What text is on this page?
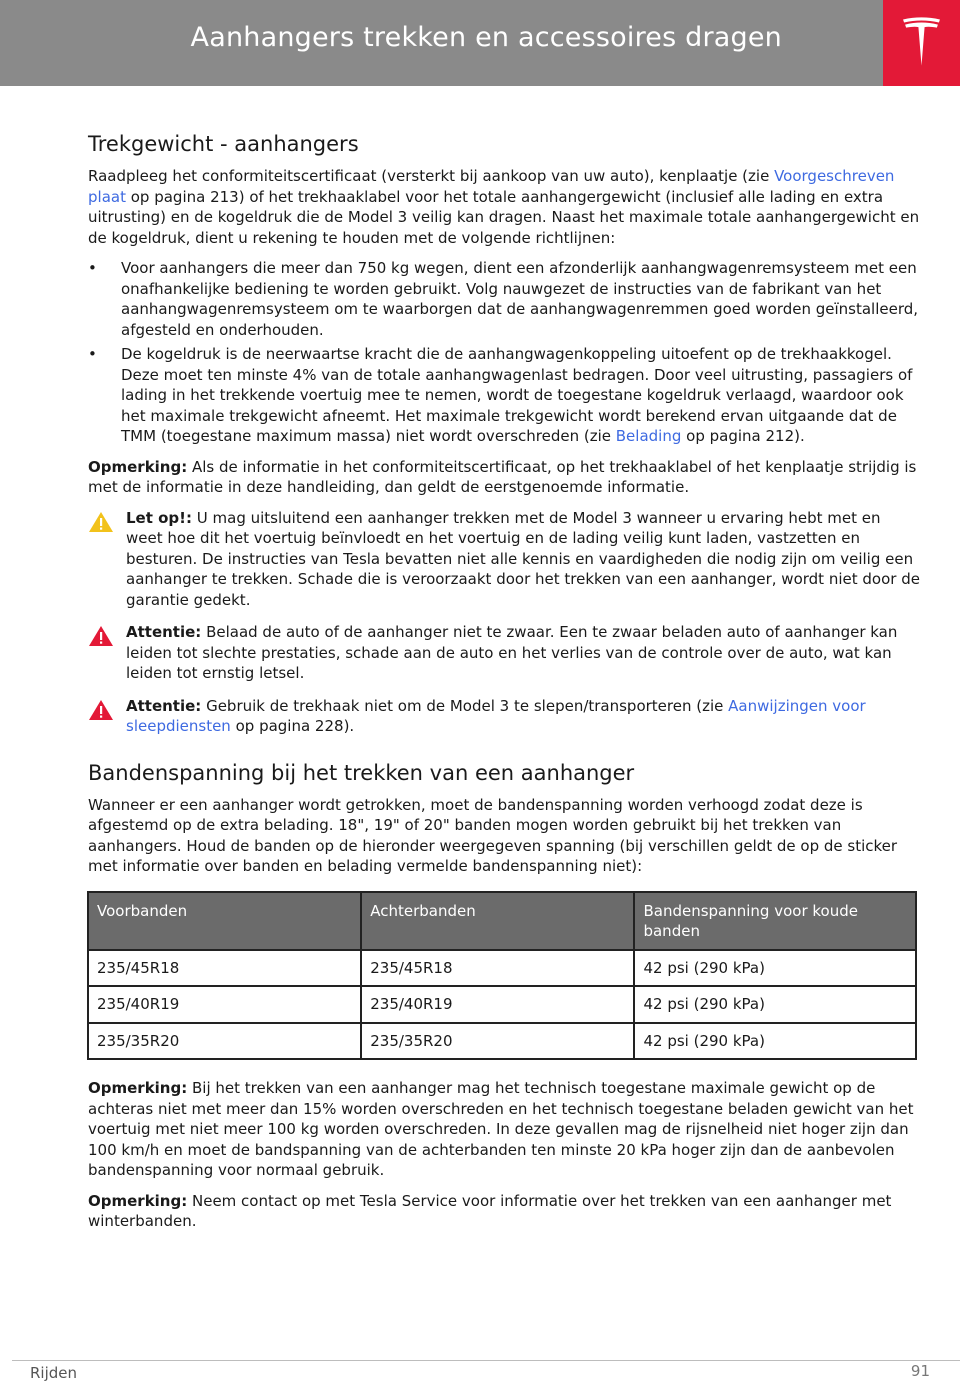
Aanhangers trekken en accessoires dragen
Trekgewicht - aanhangers

Raadpleeg het conformiteitscertificaat (versterkt bij aankoop van uw auto), kenplaatje (zie Voorgeschreven plaat op pagina 213) of het trekhaaklabel voor het totale aanhangergewicht (inclusief alle lading en extra uitrusting) en de kogeldruk die de Model 3 veilig kan dragen. Naast het maximale totale aanhangergewicht en de kogeldruk, dient u rekening te houden met de volgende richtlijnen:

• Voor aanhangers die meer dan 750 kg wegen, dient een afzonderlijk aanhangwagenremsysteem met een onafhankelijke bediening te worden gebruikt. Volg nauwgezet de instructies van de fabrikant van het aanhangwagenremsysteem om te waarborgen dat de aanhangwagenremmen goed worden geïnstalleerd, afgesteld en onderhouden.
• De kogeldruk is de neerwaartse kracht die de aanhangwagenkoppeling uitoefent op de trekhaakkogel. Deze moet ten minste 4% van de totale aanhangwagenlast bedragen. Door veel uitrusting, passagiers of lading in het trekkende voertuig mee te nemen, wordt de toegestane kogeldruk verlaagd, waardoor ook het maximale trekgewicht afneemt. Het maximale trekgewicht wordt berekend ervan uitgaande dat de TMM (toegestane maximum massa) niet wordt overschreden (zie Belading op pagina 212).

Opmerking: Als de informatie in het conformiteitscertificaat, op het trekhaaklabel of het kenplaatje strijdig is met de informatie in deze handleiding, dan geldt de eerstgenoemde informatie.

Let op!: U mag uitsluitend een aanhanger trekken met de Model 3 wanneer u ervaring hebt met en weet hoe dit het voertuig beïnvloedt en het voertuig en de lading veilig kunt laden, vastzetten en besturen. De instructies van Tesla bevatten niet alle kennis en vaardigheden die nodig zijn om veilig een aanhanger te trekken. Schade die is veroorzaakt door het trekken van een aanhanger, wordt niet door de garantie gedekt.
Attentie: Belaad de auto of de aanhanger niet te zwaar. Een te zwaar beladen auto of aanhanger kan leiden tot slechte prestaties, schade aan de auto en het verlies van de controle over de auto, wat kan leiden tot ernstig letsel.
Attentie: Gebruik de trekhaak niet om de Model 3 te slepen/transporteren (zie Aanwijzingen voor sleepdiensten op pagina 228).
Bandenspanning bij het trekken van een aanhanger

Wanneer er een aanhanger wordt getrokken, moet de bandenspanning worden verhoogd zodat deze is afgestemd op de extra belading. 18", 19" of 20" banden mogen worden gebruikt bij het trekken van aanhangers. Houd de banden op de hieronder weergegeven spanning (bij verschillen geldt de op de sticker met informatie over banden en belading vermelde bandenspanning niet):

Voorbanden	Achterbanden	Bandenspanning voor koude banden
235/45R18	235/45R18	42 psi (290 kPa)
235/40R19	235/40R19	42 psi (290 kPa)
235/35R20	235/35R20	42 psi (290 kPa)

Opmerking: Bij het trekken van een aanhanger mag het technisch toegestane maximale gewicht op de achteras niet met meer dan 15% worden overschreden en het technisch toegestane beladen gewicht van het voertuig met niet meer 100 kg worden overschreden. In deze gevallen mag de rijsnelheid niet hoger zijn dan 100 km/h en moet de bandspanning van de achterbanden ten minste 20 kPa hoger zijn dan de aanbevolen bandenspanning voor normaal gebruik.

Opmerking: Neem contact op met Tesla Service voor informatie over het trekken van een aanhanger met winterbanden.

Rijden	91
